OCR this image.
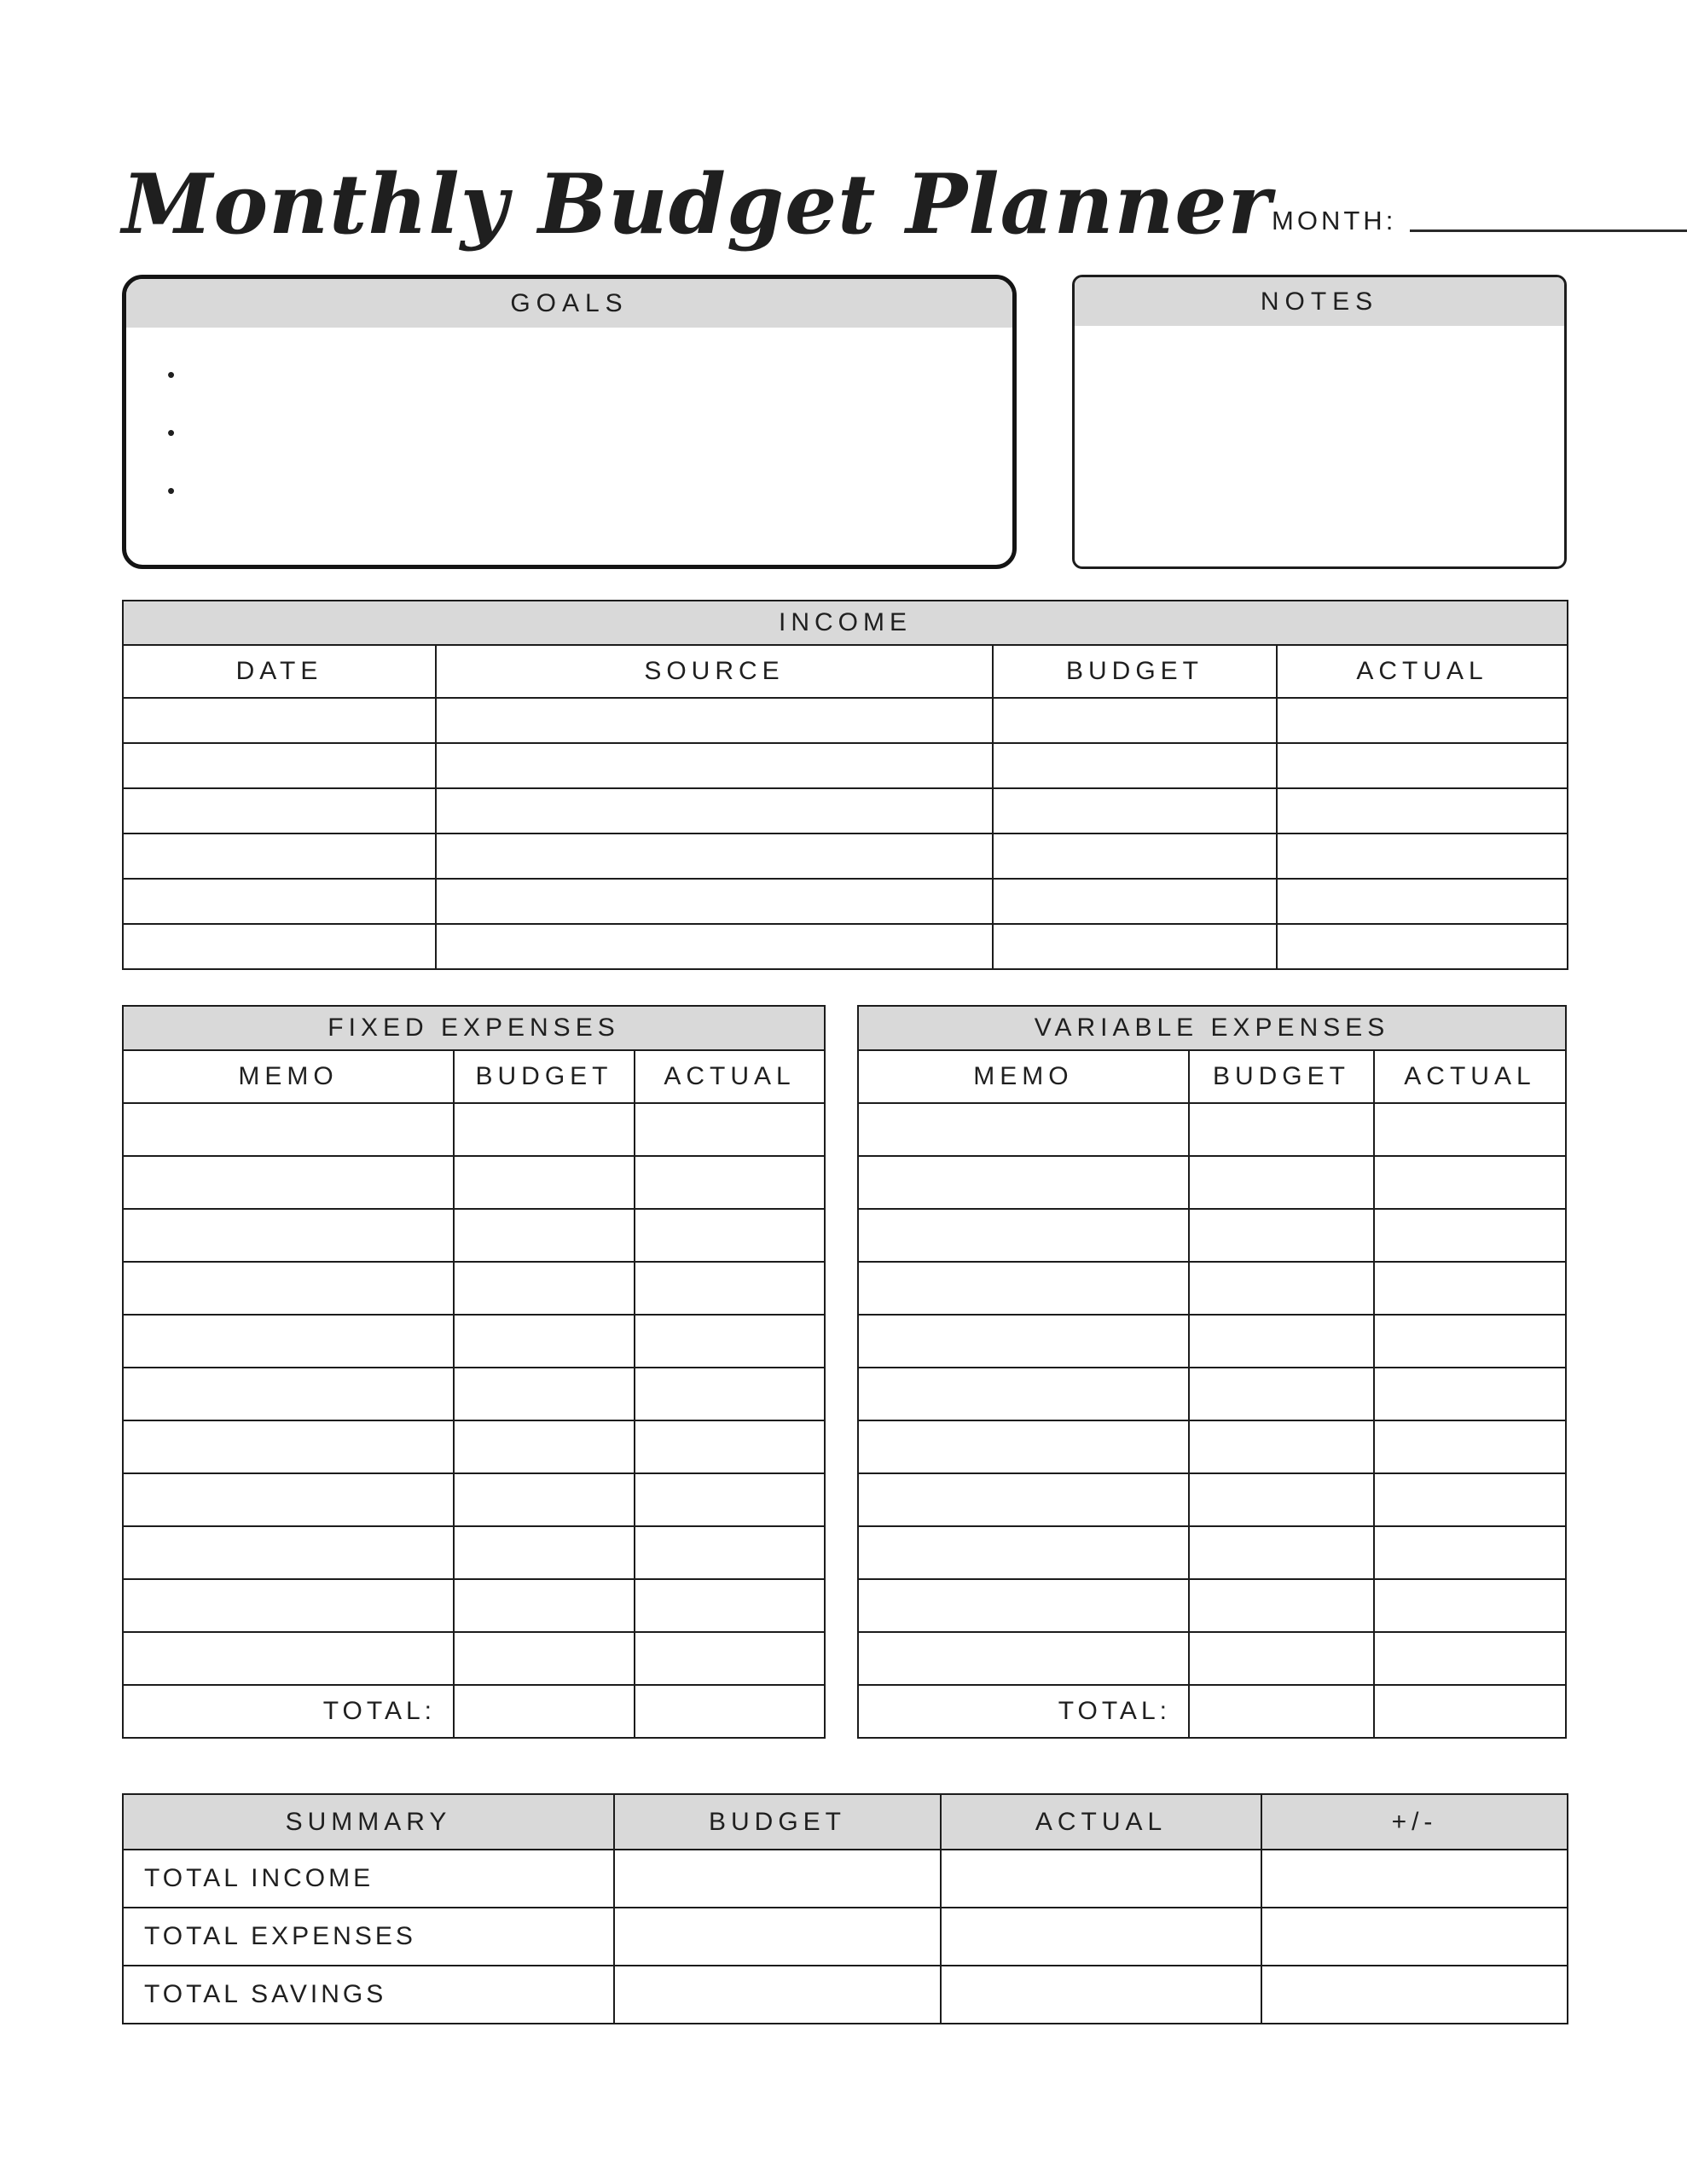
Monthly Budget Planner MONTH:
GOALS
•
•
•
NOTES
INCOME			
DATE	SOURCE	BUDGET	ACTUAL

FIXED EXPENSES		
MEMO	BUDGET	ACTUAL

TOTAL:		
VARIABLE EXPENSES		
MEMO	BUDGET	ACTUAL

TOTAL:		
SUMMARY	BUDGET	ACTUAL	+/-
TOTAL INCOME			
TOTAL EXPENSES			
TOTAL SAVINGS			
